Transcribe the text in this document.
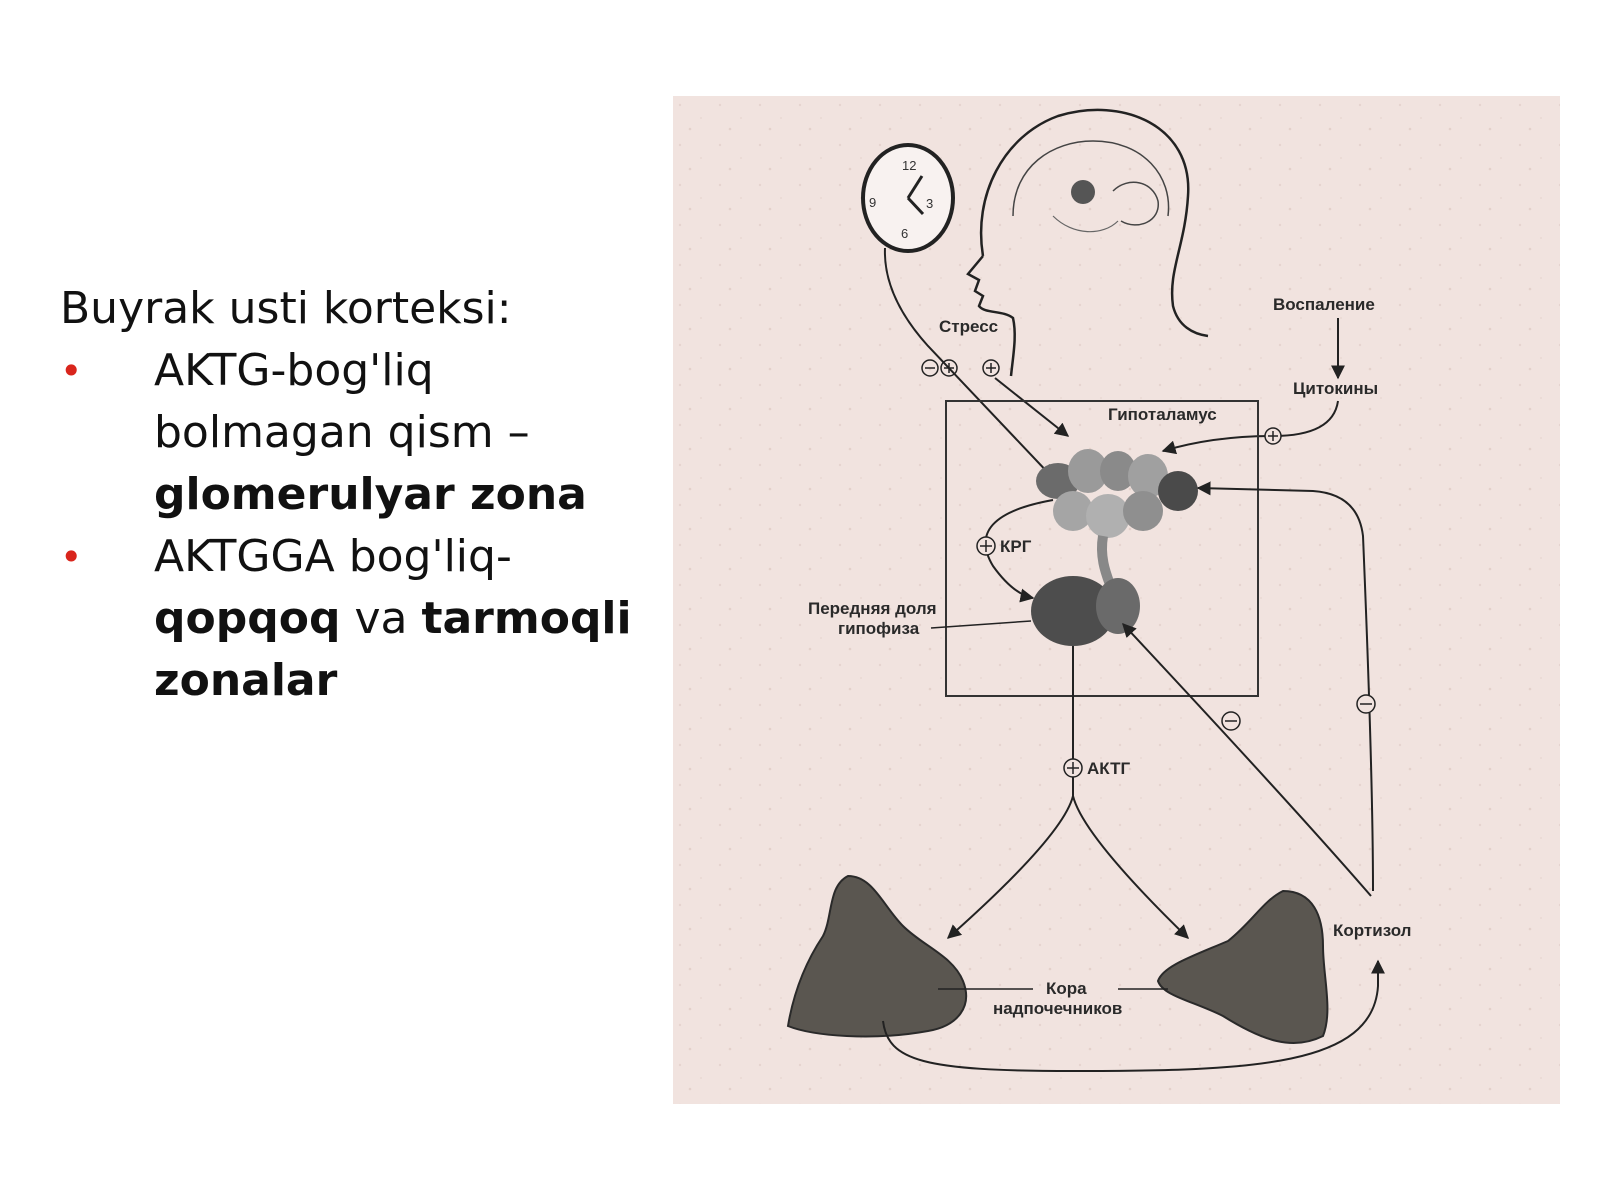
Buyrak usti korteksi:

• AKTG-bog'liq
bolmagan qism –
glomerulyar zona
• AKTGGA bog'liq-
qopqoq va tarmoqli
zonalar
12
3
6
9
Стресс
Воспаление
Цитокины
Гипоталамус
КРГ
Передняя доля
гипофиза
АКТГ
Кора
надпочечников
Кортизол
